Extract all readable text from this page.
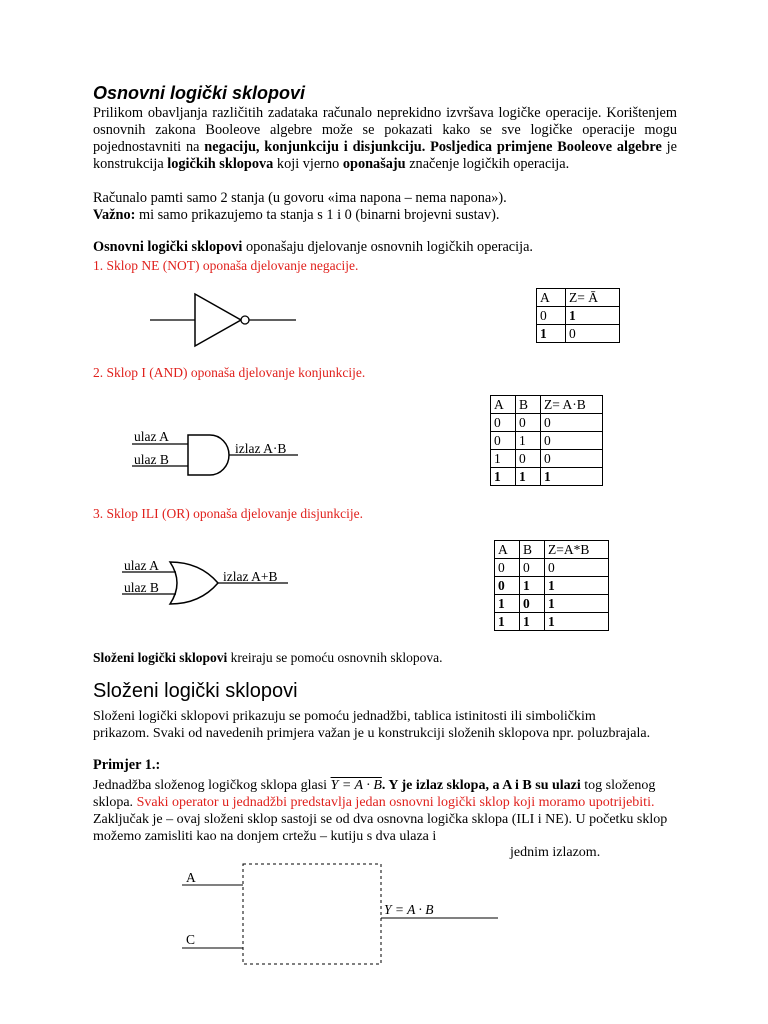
Osnovni logički sklopovi
Prilikom obavljanja različitih zadataka računalo neprekidno izvršava logičke operacije. Korištenjem osnovnih zakona Booleove algebre može se pokazati kako se sve logičke operacije mogu pojednostavniti na negaciju, konjunkciju i disjunkciju. Posljedica primjene Booleove algebre je konstrukcija logičkih sklopova koji vjerno oponašaju značenje logičkih operacija.
Računalo pamti samo 2 stanja (u govoru «ima napona – nema napona»).
Važno: mi samo prikazujemo ta stanja s 1 i 0 (binarni brojevni sustav).
Osnovni logički sklopovi oponašaju djelovanje osnovnih logičkih operacija.
1. Sklop NE (NOT) oponaša djelovanje negacije.
A	Z= Ā
0	1
1	0
2. Sklop I (AND) oponaša djelovanje konjunkcije.
ulaz A
ulaz B
izlaz A·B
A	B	Z= A·B
0	0	0
0	1	0
1	0	0
1	1	1
3. Sklop ILI (OR) oponaša djelovanje disjunkcije.
ulaz A
ulaz B
izlaz A+B
A	B	Z=A*B
0	0	0
0	1	1
1	0	1
1	1	1
Složeni logički sklopovi kreiraju se pomoću osnovnih sklopova.
Složeni logički sklopovi
Složeni logički sklopovi prikazuju se pomoću jednadžbi, tablica istinitosti ili simboličkim prikazom. Svaki od navedenih primjera važan je u konstrukciji složenih sklopova npr. poluzbrajala.
Primjer 1.:
Jednadžba složenog logičkog sklopa glasi Y = A · B. Y je izlaz sklopa, a A i B su ulazi tog složenog sklopa. Svaki operator u jednadžbi predstavlja jedan osnovni logički sklop koji moramo upotrijebiti. Zaključak je – ovaj složeni sklop sastoji se od dva osnovna logička sklopa (ILI i NE). U početku sklop možemo zamisliti kao na donjem crtežu – kutiju s dva ulaza i
jednim izlazom.
A
C
Y = A · B
